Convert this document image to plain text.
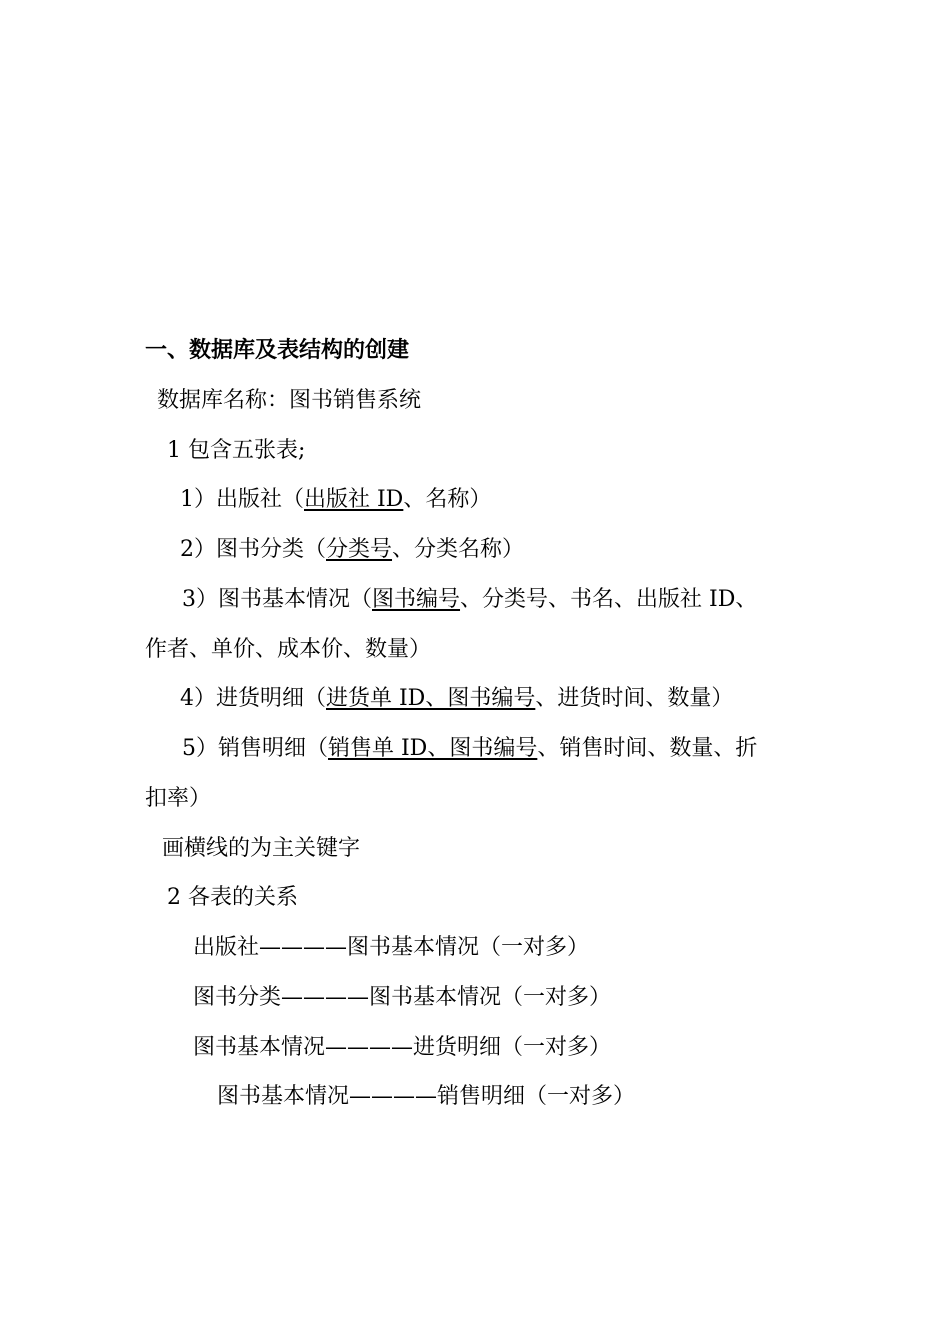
一、数据库及表结构的创建
数据库名称：图书销售系统
1 包含五张表;
1）出版社（出版社 ID、名称）
2）图书分类（分类号、分类名称）
3）图书基本情况（图书编号、分类号、书名、出版社 ID、
作者、单价、成本价、数量）
4）进货明细（进货单 ID、图书编号、进货时间、数量）
5）销售明细（销售单 ID、图书编号、销售时间、数量、折
扣率）
画横线的为主关键字
2 各表的关系
出版社————图书基本情况（一对多）
图书分类————图书基本情况（一对多）
图书基本情况————进货明细（一对多）
图书基本情况————销售明细（一对多）
